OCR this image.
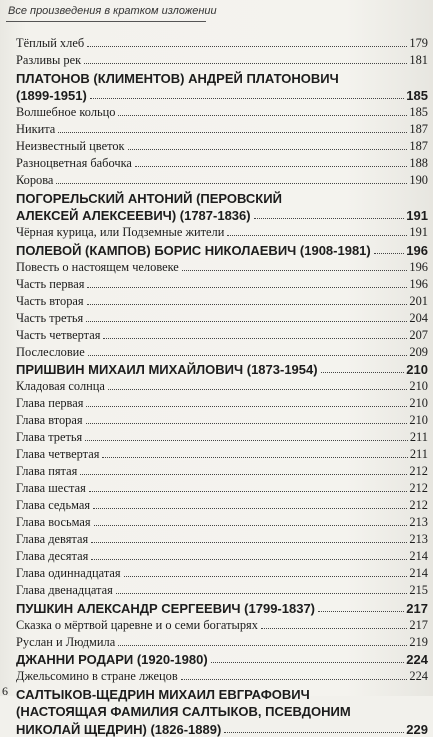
Все произведения в кратком изложении
Тёплый хлеб	179
Разливы рек	181
ПЛАТОНОВ (КЛИМЕНТОВ) АНДРЕЙ ПЛАТОНОВИЧ
(1899-1951)	185
Волшебное кольцо	185
Никита	187
Неизвестный цветок	187
Разноцветная бабочка	188
Корова	190
ПОГОРЕЛЬСКИЙ АНТОНИЙ (ПЕРОВСКИЙ
АЛЕКСЕЙ АЛЕКСЕЕВИЧ) (1787-1836)	191
Чёрная курица, или Подземные жители	191
ПОЛЕВОЙ (КАМПОВ) БОРИС НИКОЛАЕВИЧ (1908-1981)	196
Повесть о настоящем человеке	196
Часть первая	196
Часть вторая	201
Часть третья	204
Часть четвертая	207
Послесловие	209
ПРИШВИН МИХАИЛ МИХАЙЛОВИЧ (1873-1954)	210
Кладовая солнца	210
Глава первая	210
Глава вторая	210
Глава третья	211
Глава четвертая	211
Глава пятая	212
Глава шестая	212
Глава седьмая	212
Глава восьмая	213
Глава девятая	213
Глава десятая	214
Глава одиннадцатая	214
Глава двенадцатая	215
ПУШКИН АЛЕКСАНДР СЕРГЕЕВИЧ (1799-1837)	217
Сказка о мёртвой царевне и о семи богатырях	217
Руслан и Людмила	219
ДЖАННИ РОДАРИ (1920-1980)	224
Джельсомино в стране лжецов	224
САЛТЫКОВ-ЩЕДРИН МИХАИЛ ЕВГРАФОВИЧ
(НАСТОЯЩАЯ ФАМИЛИЯ САЛТЫКОВ, ПСЕВДОНИМ
НИКОЛАЙ ЩЕДРИН) (1826-1889)	229
6
